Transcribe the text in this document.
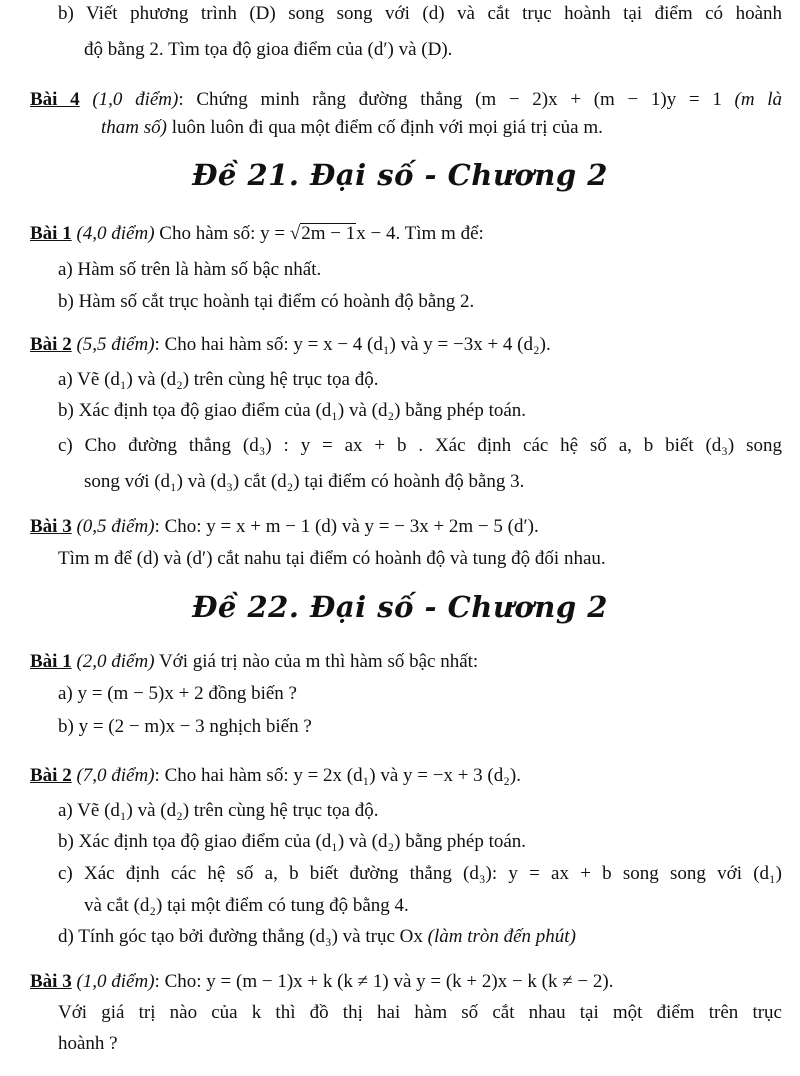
b) Viết phương trình (D) song song với (d) và cắt trục hoành tại điểm có hoành
độ bằng 2. Tìm tọa độ gioa điểm của (d′) và (D).
Bài 4 (1,0 điểm): Chứng minh rằng đường thẳng (m − 2)x + (m − 1)y = 1 (m là
tham số) luôn luôn đi qua một điểm cố định với mọi giá trị của m.
Đề 21. Đại số - Chương 2
Bài 1 (4,0 điểm) Cho hàm số: y = √2m − 1x − 4. Tìm m để:
a) Hàm số trên là hàm số bậc nhất.
b) Hàm số cắt trục hoành tại điểm có hoành độ bằng 2.
Bài 2 (5,5 điểm): Cho hai hàm số: y = x − 4 (d₁) và y = −3x + 4 (d₂).
a) Vẽ (d₁) và (d₂) trên cùng hệ trục tọa độ.
b) Xác định tọa độ giao điểm của (d₁) và (d₂) bằng phép toán.
c) Cho đường thẳng (d₃) : y = ax + b . Xác định các hệ số a, b biết (d₃) song
song với (d₁) và (d₃) cắt (d₂) tại điểm có hoành độ bằng 3.
Bài 3 (0,5 điểm): Cho: y = x + m − 1 (d) và y = − 3x + 2m − 5 (d′).
Tìm m để (d) và (d′) cắt nahu tại điểm có hoành độ và tung độ đối nhau.
Đề 22. Đại số - Chương 2
Bài 1 (2,0 điểm) Với giá trị nào của m thì hàm số bậc nhất:
a) y = (m − 5)x + 2 đồng biến ?
b) y = (2 − m)x − 3 nghịch biến ?
Bài 2 (7,0 điểm): Cho hai hàm số: y = 2x (d₁) và y = −x + 3 (d₂).
a) Vẽ (d₁) và (d₂) trên cùng hệ trục tọa độ.
b) Xác định tọa độ giao điểm của (d₁) và (d₂) bằng phép toán.
c) Xác định các hệ số a, b biết đường thẳng (d₃): y = ax + b song song với (d₁)
và cắt (d₂) tại một điểm có tung độ bằng 4.
d) Tính góc tạo bởi đường thẳng (d₃) và trục Ox (làm tròn đến phút)
Bài 3 (1,0 điểm): Cho: y = (m − 1)x + k (k ≠ 1) và y = (k + 2)x − k (k ≠ − 2).
Với giá trị nào của k thì đồ thị hai hàm số cắt nhau tại một điểm trên trục
hoành ?
